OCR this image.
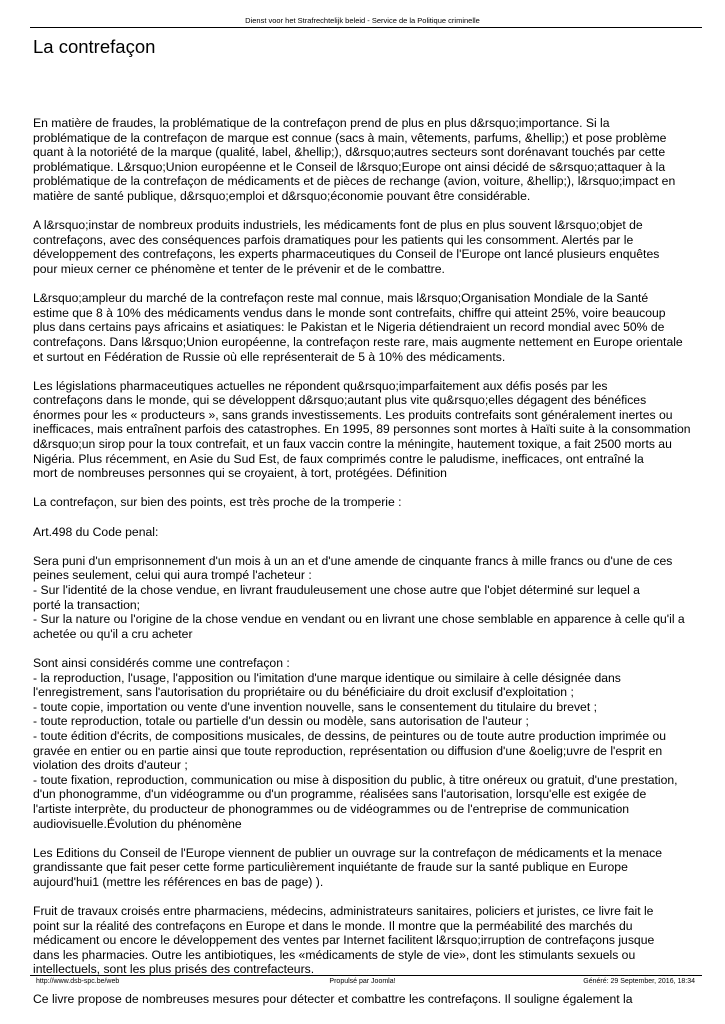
Dienst voor het Strafrechtelijk beleid - Service de la Politique criminelle
La contrefaçon

En matière de fraudes, la problématique de la contrefaçon prend de plus en plus d&rsquo;importance. Si la
problématique de la contrefaçon de marque est connue (sacs à main, vêtements, parfums, &hellip;) et pose problème
quant à la notoriété de la marque (qualité, label, &hellip;), d&rsquo;autres secteurs sont dorénavant touchés par cette
problématique. L&rsquo;Union européenne et le Conseil de l&rsquo;Europe ont ainsi décidé de s&rsquo;attaquer à la
problématique de la contrefaçon de médicaments et de pièces de rechange (avion, voiture, &hellip;), l&rsquo;impact en
matière de santé publique, d&rsquo;emploi et d&rsquo;économie pouvant être considérable.

A l&rsquo;instar de nombreux produits industriels, les médicaments font de plus en plus souvent l&rsquo;objet de
contrefaçons, avec des conséquences parfois dramatiques pour les patients qui les consomment. Alertés par le
développement des contrefaçons, les experts pharmaceutiques du Conseil de l'Europe ont lancé plusieurs enquêtes
pour mieux cerner ce phénomène et tenter de le prévenir et de le combattre.

L&rsquo;ampleur du marché de la contrefaçon reste mal connue, mais l&rsquo;Organisation Mondiale de la Santé
estime que 8 à 10% des médicaments vendus dans le monde sont contrefaits, chiffre qui atteint 25%, voire beaucoup
plus dans certains pays africains et asiatiques: le Pakistan et le Nigeria détiendraient un record mondial avec 50% de
contrefaçons. Dans l&rsquo;Union européenne, la contrefaçon reste rare, mais augmente nettement en Europe orientale
et surtout en Fédération de Russie où elle représenterait de 5 à 10% des médicaments.

Les législations pharmaceutiques actuelles ne répondent qu&rsquo;imparfaitement aux défis posés par les
contrefaçons dans le monde, qui se développent d&rsquo;autant plus vite qu&rsquo;elles dégagent des bénéfices
énormes pour les « producteurs », sans grands investissements. Les produits contrefaits sont généralement inertes ou
inefficaces, mais entraînent parfois des catastrophes. En 1995, 89 personnes sont mortes à Haïti suite à la consommation
d&rsquo;un sirop pour la toux contrefait, et un faux vaccin contre la méningite, hautement toxique, a fait 2500 morts au
Nigéria. Plus récemment, en Asie du Sud Est, de faux comprimés contre le paludisme, inefficaces, ont entraîné la
mort de nombreuses personnes qui se croyaient, à tort, protégées. Définition

La contrefaçon, sur bien des points, est très proche de la tromperie :

Art.498 du Code penal:

Sera puni d'un emprisonnement d'un mois à un an et d'une amende de cinquante francs à mille francs ou d'une de ces
peines seulement, celui qui aura trompé l'acheteur :
- Sur l'identité de la chose vendue, en livrant frauduleusement une chose autre que l'objet déterminé sur lequel a
porté la transaction;
- Sur la nature ou l'origine de la chose vendue en vendant ou en livrant une chose semblable en apparence à celle qu'il a
achetée ou qu'il a cru acheter

Sont ainsi considérés comme une contrefaçon :
- la reproduction, l'usage, l'apposition ou l'imitation d'une marque identique ou similaire à celle désignée dans
l'enregistrement, sans l'autorisation du propriétaire ou du bénéficiaire du droit exclusif d'exploitation ;
- toute copie, importation ou vente d'une invention nouvelle, sans le consentement du titulaire du brevet ;
- toute reproduction, totale ou partielle d'un dessin ou modèle, sans autorisation de l'auteur ;
- toute édition d'écrits, de compositions musicales, de dessins, de peintures ou de toute autre production imprimée ou
gravée en entier ou en partie ainsi que toute reproduction, représentation ou diffusion d'une &oelig;uvre de l'esprit en
violation des droits d'auteur ;
- toute fixation, reproduction, communication ou mise à disposition du public, à titre onéreux ou gratuit, d'une prestation,
d'un phonogramme, d'un vidéogramme ou d'un programme, réalisées sans l'autorisation, lorsqu'elle est exigée de
l'artiste interprète, du producteur de phonogrammes ou de vidéogrammes ou de l'entreprise de communication
audiovisuelle.Évolution du phénomène

Les Editions du Conseil de l'Europe viennent de publier un ouvrage sur la contrefaçon de médicaments et la menace
grandissante que fait peser cette forme particulièrement inquiétante de fraude sur la santé publique en Europe
aujourd'hui1 (mettre les références en bas de page) ).

Fruit de travaux croisés entre pharmaciens, médecins, administrateurs sanitaires, policiers et juristes, ce livre fait le
point sur la réalité des contrefaçons en Europe et dans le monde. Il montre que la perméabilité des marchés du
médicament ou encore le développement des ventes par Internet facilitent l&rsquo;irruption de contrefaçons jusque
dans les pharmacies. Outre les antibiotiques, les «médicaments de style de vie», dont les stimulants sexuels ou
intellectuels, sont les plus prisés des contrefacteurs.

Ce livre propose de nombreuses mesures pour détecter et combattre les contrefaçons. Il souligne également la

http://www.dsb-spc.be/web	Propulsé par Joomla!	Généré: 29 September, 2016, 18:34
